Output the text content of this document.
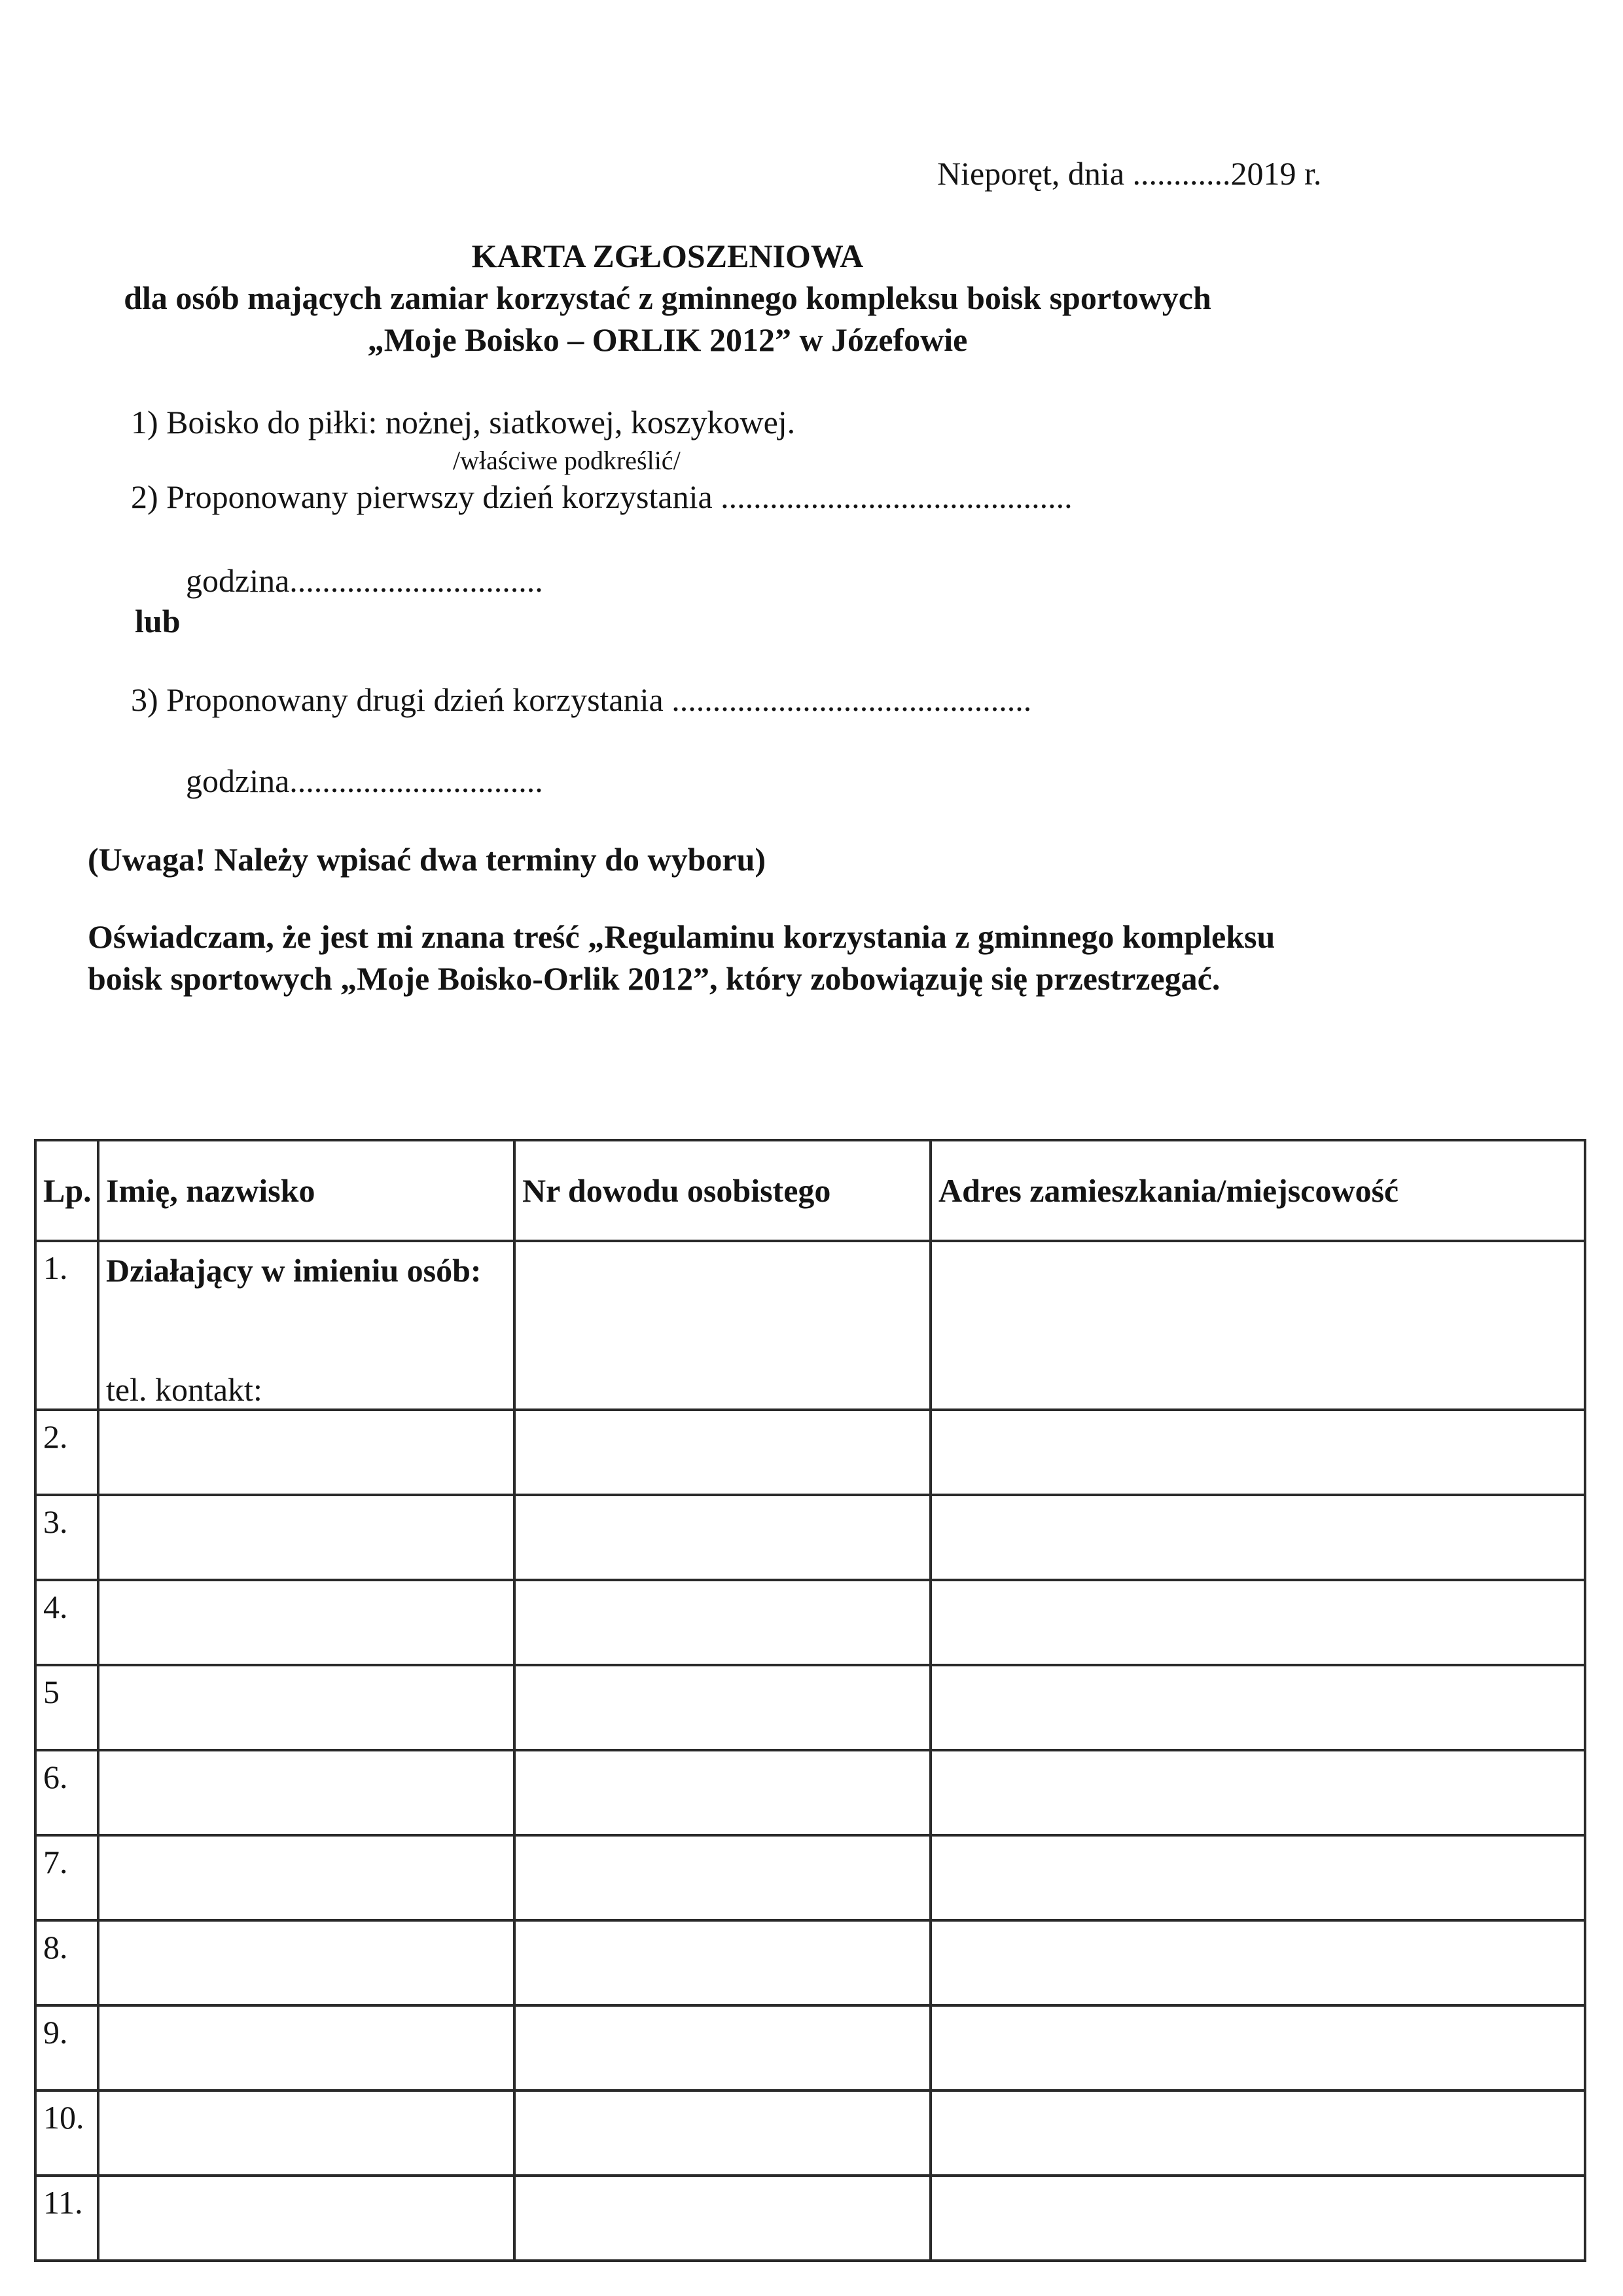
Nieporęt, dnia ............2019 r.
KARTA ZGŁOSZENIOWA
dla osób mających zamiar korzystać z gminnego kompleksu boisk sportowych
„Moje Boisko – ORLIK 2012” w Józefowie
1) Boisko do piłki: nożnej, siatkowej, koszykowej.
/właściwe podkreślić/
2) Proponowany pierwszy dzień korzystania ...........................................
godzina...............................
lub
3) Proponowany drugi dzień korzystania ............................................
godzina...............................
(Uwaga! Należy wpisać dwa terminy do wyboru)
Oświadczam, że jest mi znana treść „Regulaminu korzystania z gminnego kompleksu
boisk sportowych „Moje Boisko-Orlik 2012”, który zobowiązuję się przestrzegać.
Lp.	Imię, nazwisko	Nr dowodu osobistego	Adres zamieszkania/miejscowość
1.	Działający w imieniu osób:
tel. kontakt:		

2.			
3.			
4.			
5			
6.			
7.			
8.			
9.			
10.			
11.			
